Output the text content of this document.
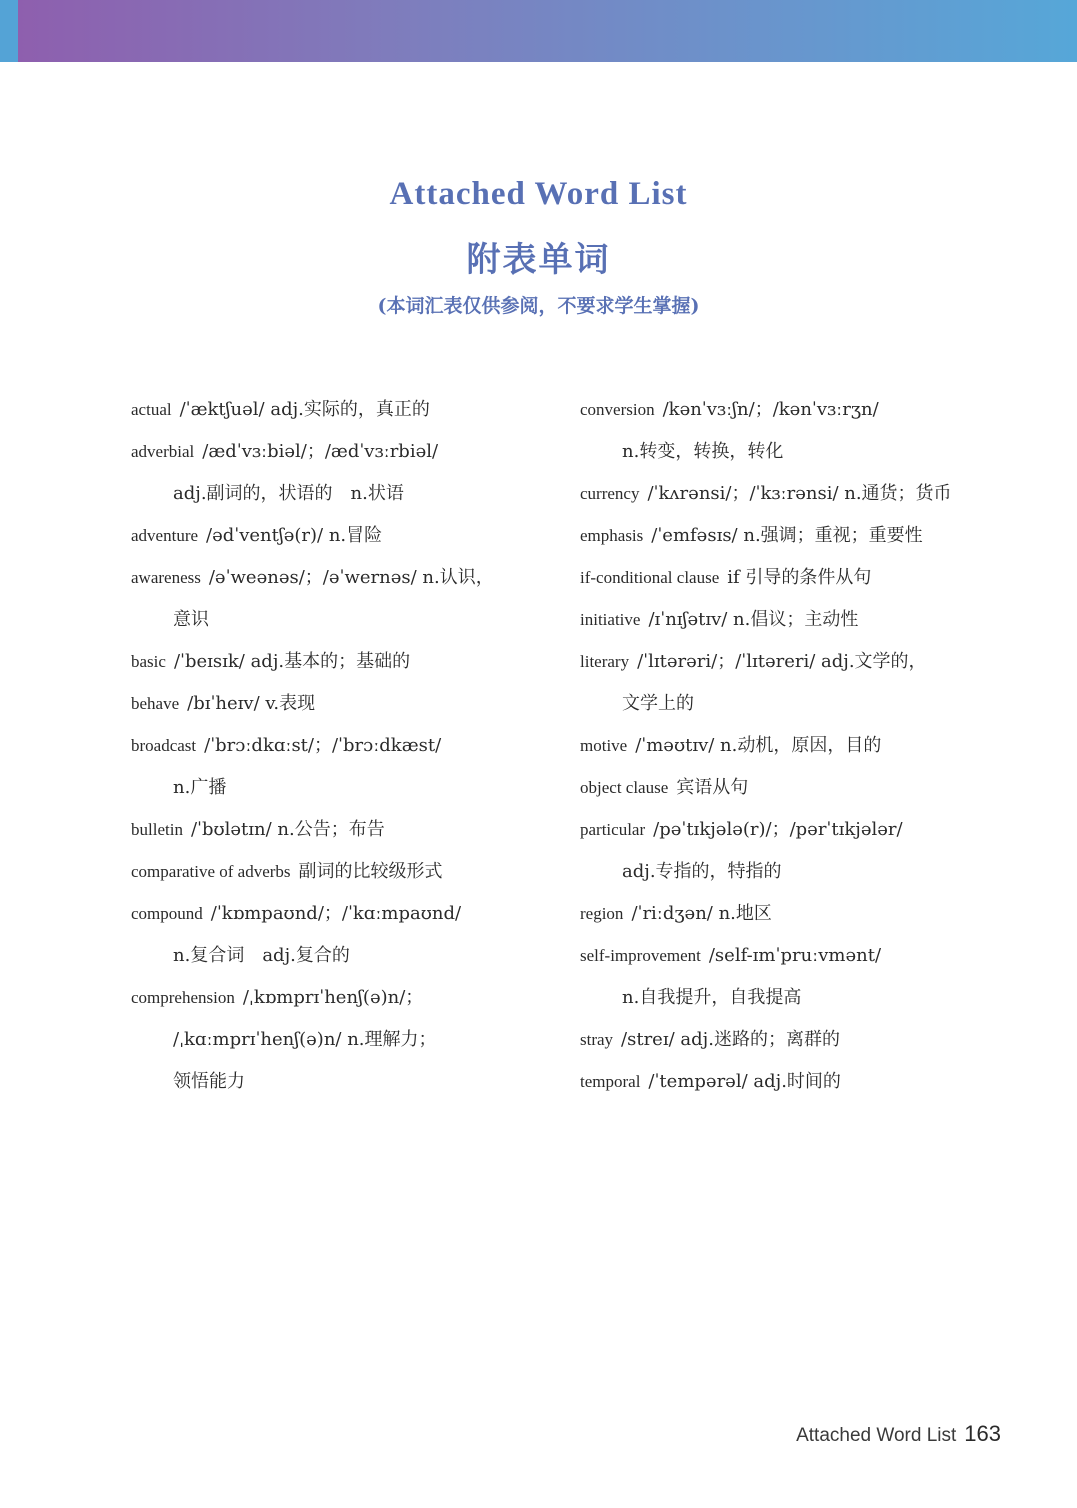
Attached Word List
附表单词
(本词汇表仅供参阅，不要求学生掌握)
actual /ˈæktʃuəl/ adj.实际的，真正的
adverbial /ædˈvɜːbiəl/；/ædˈvɜːrbiəl/
adj.副词的，状语的　n.状语
adventure /ədˈventʃə(r)/ n.冒险
awareness /əˈweənəs/；/əˈwernəs/ n.认识，
意识
basic /ˈbeɪsɪk/ adj.基本的；基础的
behave /bɪˈheɪv/ v.表现
broadcast /ˈbrɔːdkɑːst/；/ˈbrɔːdkæst/
n.广播
bulletin /ˈbʊlətɪn/ n.公告；布告
comparative of adverbs 副词的比较级形式
compound /ˈkɒmpaʊnd/；/ˈkɑːmpaʊnd/
n.复合词　adj.复合的
comprehension /ˌkɒmprɪˈhenʃ(ə)n/；
/ˌkɑːmprɪˈhenʃ(ə)n/ n.理解力；
领悟能力
conversion /kənˈvɜːʃn/；/kənˈvɜːrʒn/
n.转变，转换，转化
currency /ˈkʌrənsi/；/ˈkɜːrənsi/ n.通货；货币
emphasis /ˈemfəsɪs/ n.强调；重视；重要性
if-conditional clause if 引导的条件从句
initiative /ɪˈnɪʃətɪv/ n.倡议；主动性
literary /ˈlɪtərəri/；/ˈlɪtəreri/ adj.文学的，
文学上的
motive /ˈməʊtɪv/ n.动机，原因，目的
object clause 宾语从句
particular /pəˈtɪkjələ(r)/；/pərˈtɪkjələr/
adj.专指的，特指的
region /ˈriːdʒən/ n.地区
self-improvement /self-ɪmˈpruːvmənt/
n.自我提升，自我提高
stray /streɪ/ adj.迷路的；离群的
temporal /ˈtempərəl/ adj.时间的
Attached Word List 163
